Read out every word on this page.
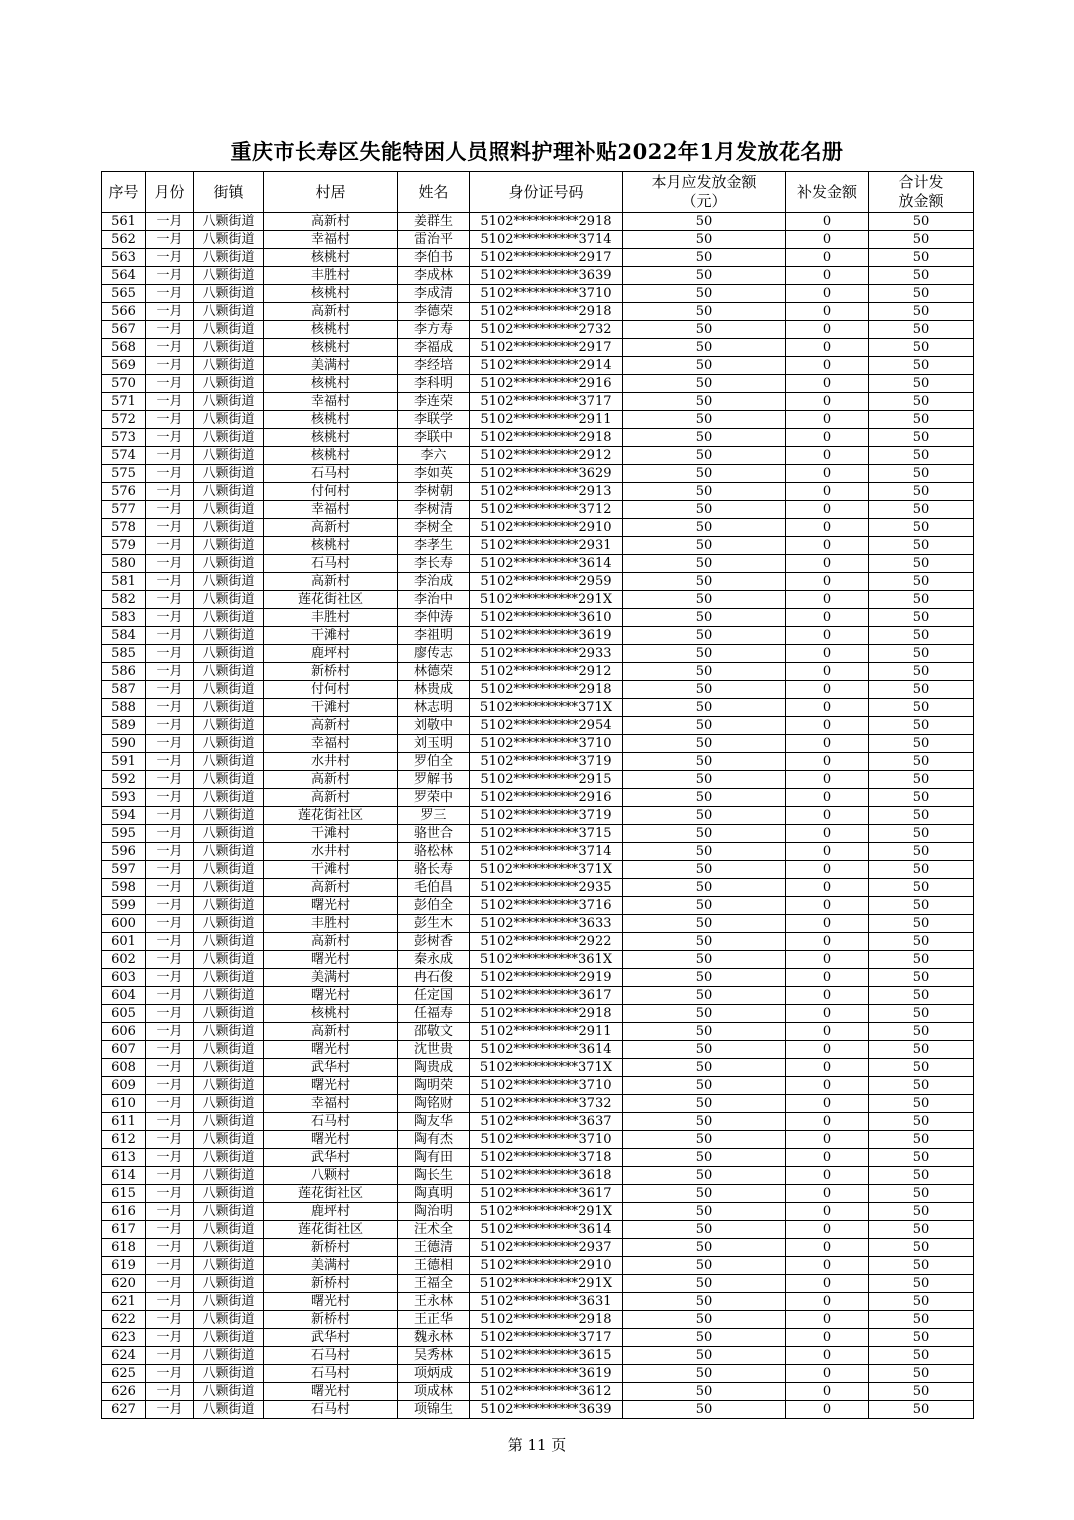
重庆市长寿区失能特困人员照料护理补贴2022年1月发放花名册
序号	月份	街镇	村居	姓名	身份证号码	本月应发放金额（元）	补发金额	合计发放金额
561	一月	八颗街道	高新村	姜群生	5102**********2918	50	0	50
562	一月	八颗街道	幸福村	雷治平	5102**********3714	50	0	50
563	一月	八颗街道	核桃村	李伯书	5102**********2917	50	0	50
564	一月	八颗街道	丰胜村	李成林	5102**********3639	50	0	50
565	一月	八颗街道	核桃村	李成清	5102**********3710	50	0	50
566	一月	八颗街道	高新村	李德荣	5102**********2918	50	0	50
567	一月	八颗街道	核桃村	李方寿	5102**********2732	50	0	50
568	一月	八颗街道	核桃村	李福成	5102**********2917	50	0	50
569	一月	八颗街道	美满村	李经培	5102**********2914	50	0	50
570	一月	八颗街道	核桃村	李科明	5102**********2916	50	0	50
571	一月	八颗街道	幸福村	李连荣	5102**********3717	50	0	50
572	一月	八颗街道	核桃村	李联学	5102**********2911	50	0	50
573	一月	八颗街道	核桃村	李联中	5102**********2918	50	0	50
574	一月	八颗街道	核桃村	李六	5102**********2912	50	0	50
575	一月	八颗街道	石马村	李如英	5102**********3629	50	0	50
576	一月	八颗街道	付何村	李树朝	5102**********2913	50	0	50
577	一月	八颗街道	幸福村	李树清	5102**********3712	50	0	50
578	一月	八颗街道	高新村	李树全	5102**********2910	50	0	50
579	一月	八颗街道	核桃村	李孝生	5102**********2931	50	0	50
580	一月	八颗街道	石马村	李长寿	5102**********3614	50	0	50
581	一月	八颗街道	高新村	李治成	5102**********2959	50	0	50
582	一月	八颗街道	莲花街社区	李治中	5102**********291X	50	0	50
583	一月	八颗街道	丰胜村	李仲涛	5102**********3610	50	0	50
584	一月	八颗街道	干滩村	李祖明	5102**********3619	50	0	50
585	一月	八颗街道	鹿坪村	廖传志	5102**********2933	50	0	50
586	一月	八颗街道	新桥村	林德荣	5102**********2912	50	0	50
587	一月	八颗街道	付何村	林贵成	5102**********2918	50	0	50
588	一月	八颗街道	干滩村	林志明	5102**********371X	50	0	50
589	一月	八颗街道	高新村	刘敬中	5102**********2954	50	0	50
590	一月	八颗街道	幸福村	刘玉明	5102**********3710	50	0	50
591	一月	八颗街道	水井村	罗伯全	5102**********3719	50	0	50
592	一月	八颗街道	高新村	罗解书	5102**********2915	50	0	50
593	一月	八颗街道	高新村	罗荣中	5102**********2916	50	0	50
594	一月	八颗街道	莲花街社区	罗三	5102**********3719	50	0	50
595	一月	八颗街道	干滩村	骆世合	5102**********3715	50	0	50
596	一月	八颗街道	水井村	骆松林	5102**********3714	50	0	50
597	一月	八颗街道	干滩村	骆长寿	5102**********371X	50	0	50
598	一月	八颗街道	高新村	毛伯昌	5102**********2935	50	0	50
599	一月	八颗街道	曙光村	彭伯全	5102**********3716	50	0	50
600	一月	八颗街道	丰胜村	彭生木	5102**********3633	50	0	50
601	一月	八颗街道	高新村	彭树香	5102**********2922	50	0	50
602	一月	八颗街道	曙光村	秦永成	5102**********361X	50	0	50
603	一月	八颗街道	美满村	冉石俊	5102**********2919	50	0	50
604	一月	八颗街道	曙光村	任定国	5102**********3617	50	0	50
605	一月	八颗街道	核桃村	任福寿	5102**********2918	50	0	50
606	一月	八颗街道	高新村	邵敬文	5102**********2911	50	0	50
607	一月	八颗街道	曙光村	沈世贵	5102**********3614	50	0	50
608	一月	八颗街道	武华村	陶贵成	5102**********371X	50	0	50
609	一月	八颗街道	曙光村	陶明荣	5102**********3710	50	0	50
610	一月	八颗街道	幸福村	陶铭财	5102**********3732	50	0	50
611	一月	八颗街道	石马村	陶友华	5102**********3637	50	0	50
612	一月	八颗街道	曙光村	陶有杰	5102**********3710	50	0	50
613	一月	八颗街道	武华村	陶有田	5102**********3718	50	0	50
614	一月	八颗街道	八颗村	陶长生	5102**********3618	50	0	50
615	一月	八颗街道	莲花街社区	陶真明	5102**********3617	50	0	50
616	一月	八颗街道	鹿坪村	陶治明	5102**********291X	50	0	50
617	一月	八颗街道	莲花街社区	汪术全	5102**********3614	50	0	50
618	一月	八颗街道	新桥村	王德清	5102**********2937	50	0	50
619	一月	八颗街道	美满村	王德相	5102**********2910	50	0	50
620	一月	八颗街道	新桥村	王福全	5102**********291X	50	0	50
621	一月	八颗街道	曙光村	王永林	5102**********3631	50	0	50
622	一月	八颗街道	新桥村	王正华	5102**********2918	50	0	50
623	一月	八颗街道	武华村	魏永林	5102**********3717	50	0	50
624	一月	八颗街道	石马村	吴秀林	5102**********3615	50	0	50
625	一月	八颗街道	石马村	项炳成	5102**********3619	50	0	50
626	一月	八颗街道	曙光村	项成林	5102**********3612	50	0	50
627	一月	八颗街道	石马村	项锦生	5102**********3639	50	0	50
第 11 页
